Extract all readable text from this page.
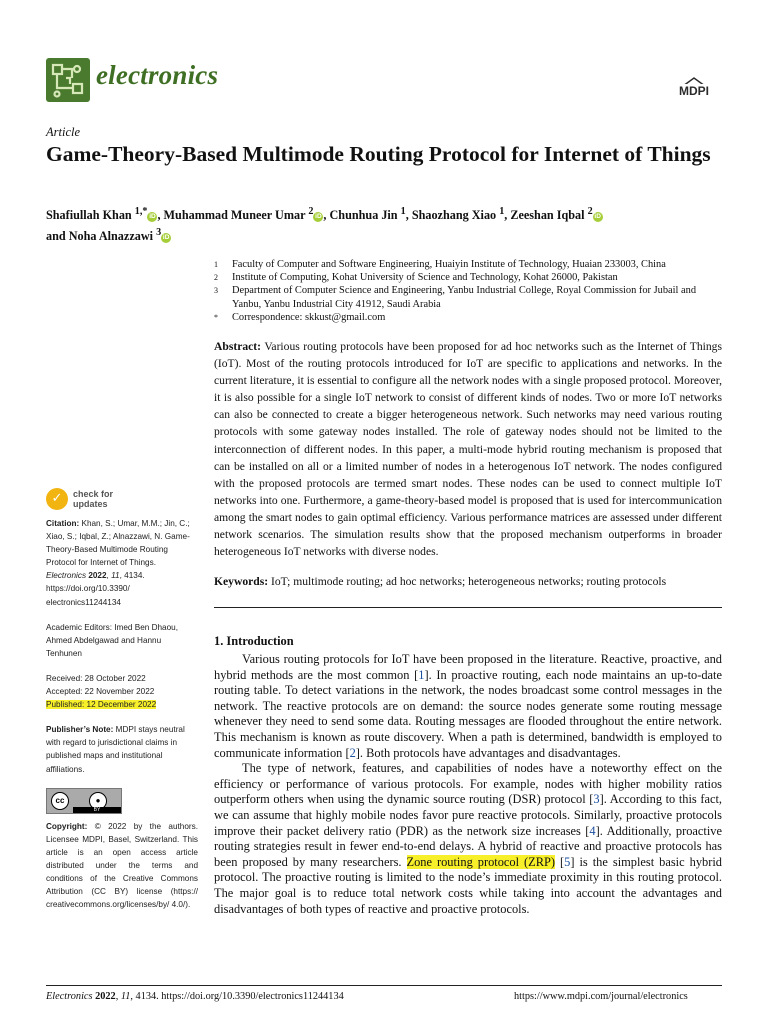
electronics
MDPI
Article
Game-Theory-Based Multimode Routing Protocol for Internet of Things
Shafiullah Khan $^{1,*}$ iD , Muhammad Muneer Umar $^2$ iD , Chunhua Jin $^1$, Shaozhang Xiao $^1$, Zeeshan Iqbal $^2$ iD
and Noha Alnazzawi $^3$ iD
1	Faculty of Computer and Software Engineering, Huaiyin Institute of Technology, Huaian 233003, China
2	Institute of Computing, Kohat University of Science and Technology, Kohat 26000, Pakistan
3	Department of Computer Science and Engineering, Yanbu Industrial College, Royal Commission for Jubail and Yanbu, Yanbu Industrial City 41912, Saudi Arabia
*	Correspondence: skkust@gmail.com
Abstract: Various routing protocols have been proposed for ad hoc networks such as the Internet of Things (IoT). Most of the routing protocols introduced for IoT are specific to applications and networks. In the current literature, it is essential to configure all the network nodes with a single proposed protocol. Moreover, it is also possible for a single IoT network to consist of different kinds of nodes. Two or more IoT networks can also be connected to create a bigger heterogeneous network. Such networks may need various routing protocols with some gateway nodes installed. The role of gateway nodes should not be limited to the interconnection of different nodes. In this paper, a multi-mode hybrid routing mechanism is proposed that can be installed on all or a limited number of nodes in a heterogenous IoT network. The nodes configured with the proposed protocols are termed smart nodes. These nodes can be used to connect multiple IoT networks into one. Furthermore, a game-theory-based model is proposed that is used for intercommunication among the smart nodes to gain optimal efficiency. Various performance matrices are assessed under different network scenarios. The simulation results show that the proposed mechanism outperforms in broader heterogeneous IoT networks with diverse nodes.
Keywords: IoT; multimode routing; ad hoc networks; heterogeneous networks; routing protocols
1. Introduction

Various routing protocols for IoT have been proposed in the literature. Reactive, proactive, and hybrid methods are the most common [1]. In proactive routing, each node maintains an up-to-date routing table. To detect variations in the network, the nodes broadcast some control messages in the network. The reactive protocols are on demand: the source nodes generate some routing message whenever they need to send some data. Routing messages are flooded throughout the entire network. This mechanism is known as route discovery. When a path is determined, bandwidth is employed to communicate information [2]. Both protocols have advantages and disadvantages.

The type of network, features, and capabilities of nodes have a noteworthy effect on the efficiency or performance of various protocols. For example, nodes with higher mobility ratios outperform others when using the dynamic source routing (DSR) protocol [3]. According to this fact, we can assume that highly mobile nodes favor pure reactive protocols. Similarly, proactive protocols improve their packet delivery ratio (PDR) as the network size increases [4]. Additionally, proactive routing strategies result in fewer end-to-end delays. A hybrid of reactive and proactive protocols has been proposed by many researchers. Zone routing protocol (ZRP) [5] is the simplest basic hybrid protocol. The proactive routing is limited to the node’s immediate proximity in this routing protocol. The major goal is to reduce total network costs while taking into account the advantages and disadvantages of both types of reactive and proactive protocols.

✓	check for
updates
Citation: Khan, S.; Umar, M.M.; Jin, C.; Xiao, S.; Iqbal, Z.; Alnazzawi, N. Game-Theory-Based Multimode Routing Protocol for Internet of Things. Electronics 2022, 11, 4134. https://doi.org/10.3390/ electronics11244134
Academic Editors: Imed Ben Dhaou, Ahmed Abdelgawad and Hannu Tenhunen
Received: 28 October 2022
Accepted: 22 November 2022
Published: 12 December 2022
Publisher’s Note: MDPI stays neutral with regard to jurisdictional claims in published maps and institutional affiliations.
cc	●
BY
Copyright: © 2022 by the authors. Licensee MDPI, Basel, Switzerland. This article is an open access article distributed under the terms and conditions of the Creative Commons Attribution (CC BY) license (https:// creativecommons.org/licenses/by/ 4.0/).
Electronics 2022, 11, 4134. https://doi.org/10.3390/electronics11244134	https://www.mdpi.com/journal/electronics
